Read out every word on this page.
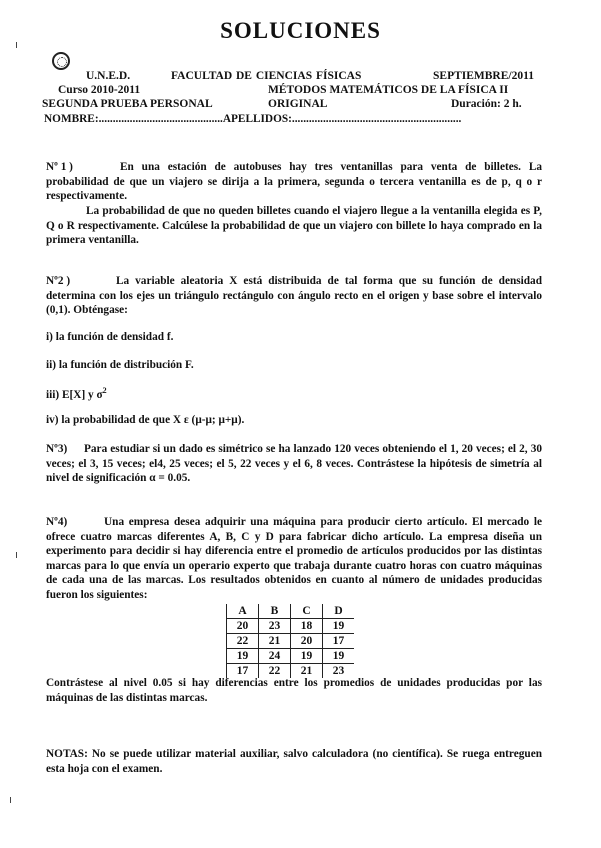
SOLUCIONES
U.N.E.D.	FACULTAD DE CIENCIAS FÍSICAS	SEPTIEMBRE/2011
Curso 2010-2011	MÉTODOS MATEMÁTICOS DE LA FÍSICA II
SEGUNDA PRUEBA PERSONAL	ORIGINAL	Duración: 2 h.
NOMBRE:............................................APELLIDOS:............................................................
Nº 1 )	En una estación de autobuses hay tres ventanillas para venta de billetes. La probabilidad de que un viajero se dirija a la primera, segunda o tercera ventanilla es de p, q o r respectivamente.
La probabilidad de que no queden billetes cuando el viajero llegue a la ventanilla elegida es P, Q o R respectivamente. Calcúlese la probabilidad de que un viajero con billete lo haya comprado en la primera ventanilla.
Nº2 )	La variable aleatoria X está distribuida de tal forma que su función de densidad determina con los ejes un triángulo rectángulo con ángulo recto en el origen y base sobre el intervalo (0,1). Obténgase:
i) la función de densidad f.
ii) la función de distribución F.
iii) E[X] y $\sigma^2$
iv) la probabilidad de que X ε (μ-μ; μ+μ).
Nº3) Para estudiar si un dado es simétrico se ha lanzado 120 veces obteniendo el 1, 20 veces; el 2, 30 veces; el 3, 15 veces; el4, 25 veces; el 5, 22 veces y el 6, 8 veces. Contrástese la hipótesis de simetría al nivel de significación α = 0.05.
Nº4)	Una empresa desea adquirir una máquina para producir cierto artículo. El mercado le ofrece cuatro marcas diferentes A, B, C y D para fabricar dicho artículo. La empresa diseña un experimento para decidir si hay diferencia entre el promedio de artículos producidos por las distintas marcas para lo que envía un operario experto que trabaja durante cuatro horas con cuatro máquinas de cada una de las marcas. Los resultados obtenidos en cuanto al número de unidades producidas fueron los siguientes:
A	B	C	D
20	23	18	19
22	21	20	17
19	24	19	19
17	22	21	23
Contrástese al nivel 0.05 si hay diferencias entre los promedios de unidades producidas por las máquinas de las distintas marcas.
NOTAS: No se puede utilizar material auxiliar, salvo calculadora (no científica). Se ruega entreguen esta hoja con el examen.
